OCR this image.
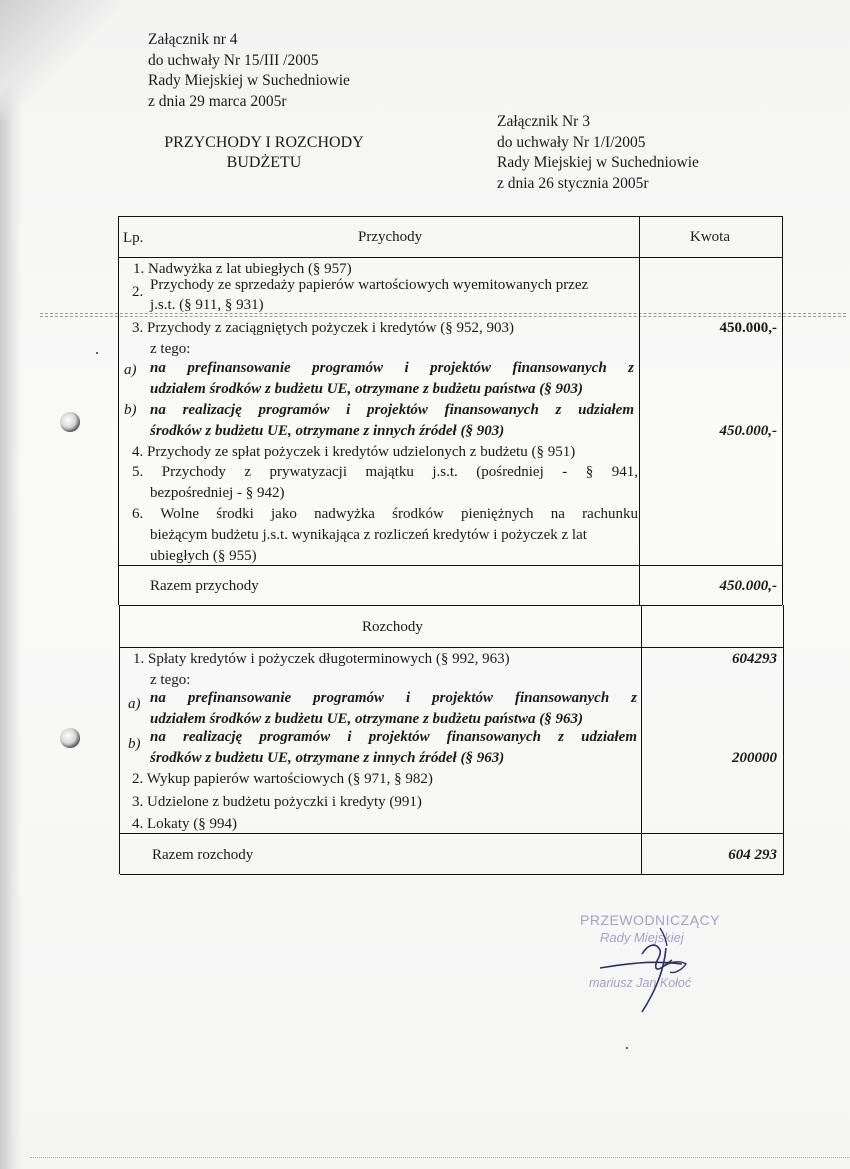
Załącznik nr 4
do uchwały Nr 15/III /2005
Rady Miejskiej w Suchedniowie
z dnia 29 marca 2005r
Załącznik Nr 3
do uchwały Nr 1/I/2005
Rady Miejskiej w Suchedniowie
z dnia 26 stycznia 2005r
PRZYCHODY I ROZCHODY
BUDŻETU
Lp.	Przychody	Kwota
1. Nadwyżka z lat ubiegłych (§ 957)
2. Przychody ze sprzedaży papierów wartościowych wyemitowanych przez
j.s.t. (§ 911, § 931)
3. Przychody z zaciągniętych pożyczek i kredytów (§ 952, 903)	450.000,-
z tego:
a) na prefinansowanie programów i projektów finansowanych z
udziałem środków z budżetu UE, otrzymane z budżetu państwa (§ 903)
b) na realizację programów i projektów finansowanych z udziałem
środków z budżetu UE, otrzymane z innych źródeł (§ 903)	450.000,-
4. Przychody ze spłat pożyczek i kredytów udzielonych z budżetu (§ 951)
5. Przychody z prywatyzacji majątku j.s.t. (pośredniej - § 941,
bezpośredniej - § 942)
6. Wolne środki jako nadwyżka środków pieniężnych na rachunku
bieżącym budżetu j.s.t. wynikająca z rozliczeń kredytów i pożyczek z lat
ubiegłych (§ 955)
Razem przychody	450.000,-
Rozchody
1. Spłaty kredytów i pożyczek długoterminowych (§ 992, 963)	604293
z tego:
a) na prefinansowanie programów i projektów finansowanych z
udziałem środków z budżetu UE, otrzymane z budżetu państwa (§ 963)
b) na realizację programów i projektów finansowanych z udziałem
środków z budżetu UE, otrzymane z innych źródeł (§ 963)	200000
2. Wykup papierów wartościowych (§ 971, § 982)
3. Udzielone z budżetu pożyczki i kredyty (991)
4. Lokaty (§ 994)
Razem rozchody	604 293
PRZEWODNICZĄCY
Rady Miejskiej
mariusz Jan Kołoć
